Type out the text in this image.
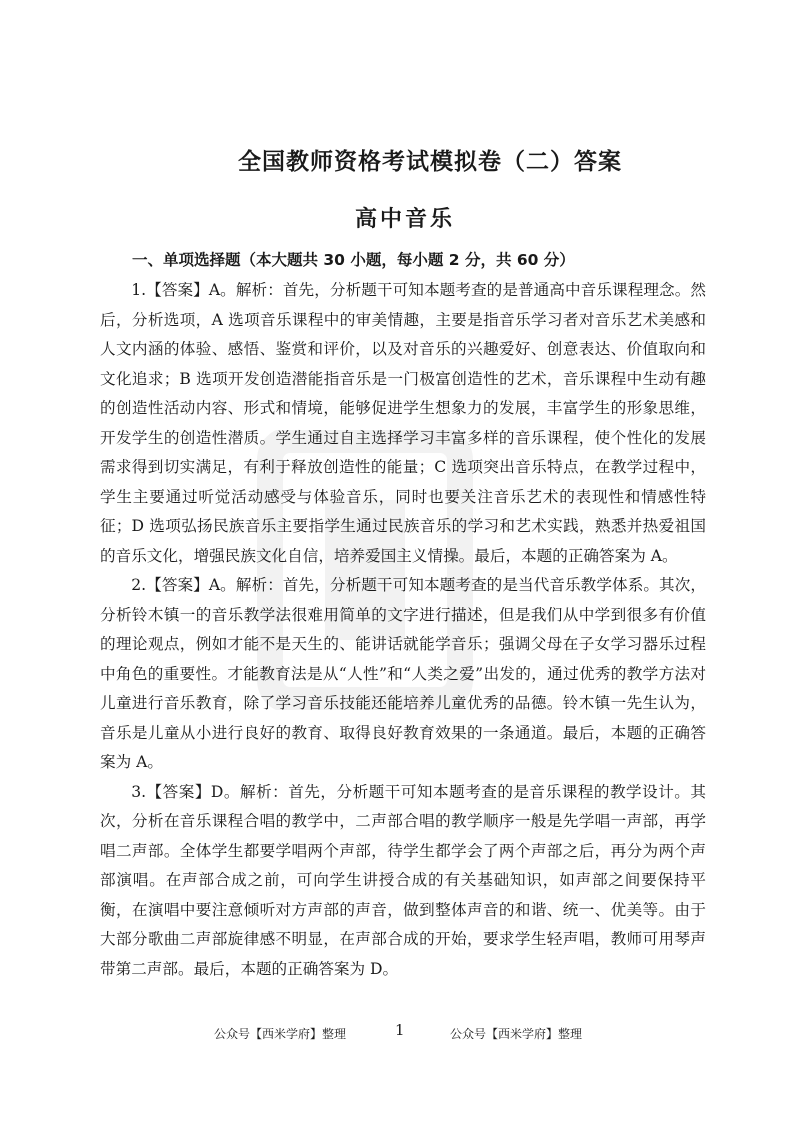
全国教师资格考试模拟卷（二）答案
高中音乐
一、单项选择题（本大题共 30 小题，每小题 2 分，共 60 分）

1.【答案】A。解析：首先，分析题干可知本题考查的是普通高中音乐课程理念。然后，分析选项，A 选项音乐课程中的审美情趣，主要是指音乐学习者对音乐艺术美感和人文内涵的体验、感悟、鉴赏和评价，以及对音乐的兴趣爱好、创意表达、价值取向和文化追求；B 选项开发创造潜能指音乐是一门极富创造性的艺术，音乐课程中生动有趣的创造性活动内容、形式和情境，能够促进学生想象力的发展，丰富学生的形象思维，开发学生的创造性潜质。学生通过自主选择学习丰富多样的音乐课程，使个性化的发展需求得到切实满足，有利于释放创造性的能量；C 选项突出音乐特点，在教学过程中，学生主要通过听觉活动感受与体验音乐，同时也要关注音乐艺术的表现性和情感性特征；D 选项弘扬民族音乐主要指学生通过民族音乐的学习和艺术实践，熟悉并热爱祖国的音乐文化，增强民族文化自信，培养爱国主义情操。最后，本题的正确答案为 A。

2.【答案】A。解析：首先，分析题干可知本题考查的是当代音乐教学体系。其次，分析铃木镇一的音乐教学法很难用简单的文字进行描述，但是我们从中学到很多有价值的理论观点，例如才能不是天生的、能讲话就能学音乐；强调父母在子女学习器乐过程中角色的重要性。才能教育法是从“人性”和“人类之爱”出发的，通过优秀的教学方法对儿童进行音乐教育，除了学习音乐技能还能培养儿童优秀的品德。铃木镇一先生认为，音乐是儿童从小进行良好的教育、取得良好教育效果的一条通道。最后，本题的正确答案为 A。

3.【答案】D。解析：首先，分析题干可知本题考查的是音乐课程的教学设计。其次，分析在音乐课程合唱的教学中，二声部合唱的教学顺序一般是先学唱一声部，再学唱二声部。全体学生都要学唱两个声部，待学生都学会了两个声部之后，再分为两个声部演唱。在声部合成之前，可向学生讲授合成的有关基础知识，如声部之间要保持平衡，在演唱中要注意倾听对方声部的声音，做到整体声音的和谐、统一、优美等。由于大部分歌曲二声部旋律感不明显，在声部合成的开始，要求学生轻声唱，教师可用琴声带第二声部。最后，本题的正确答案为 D。

公众号【西米学府】整理	1	公众号【西米学府】整理
